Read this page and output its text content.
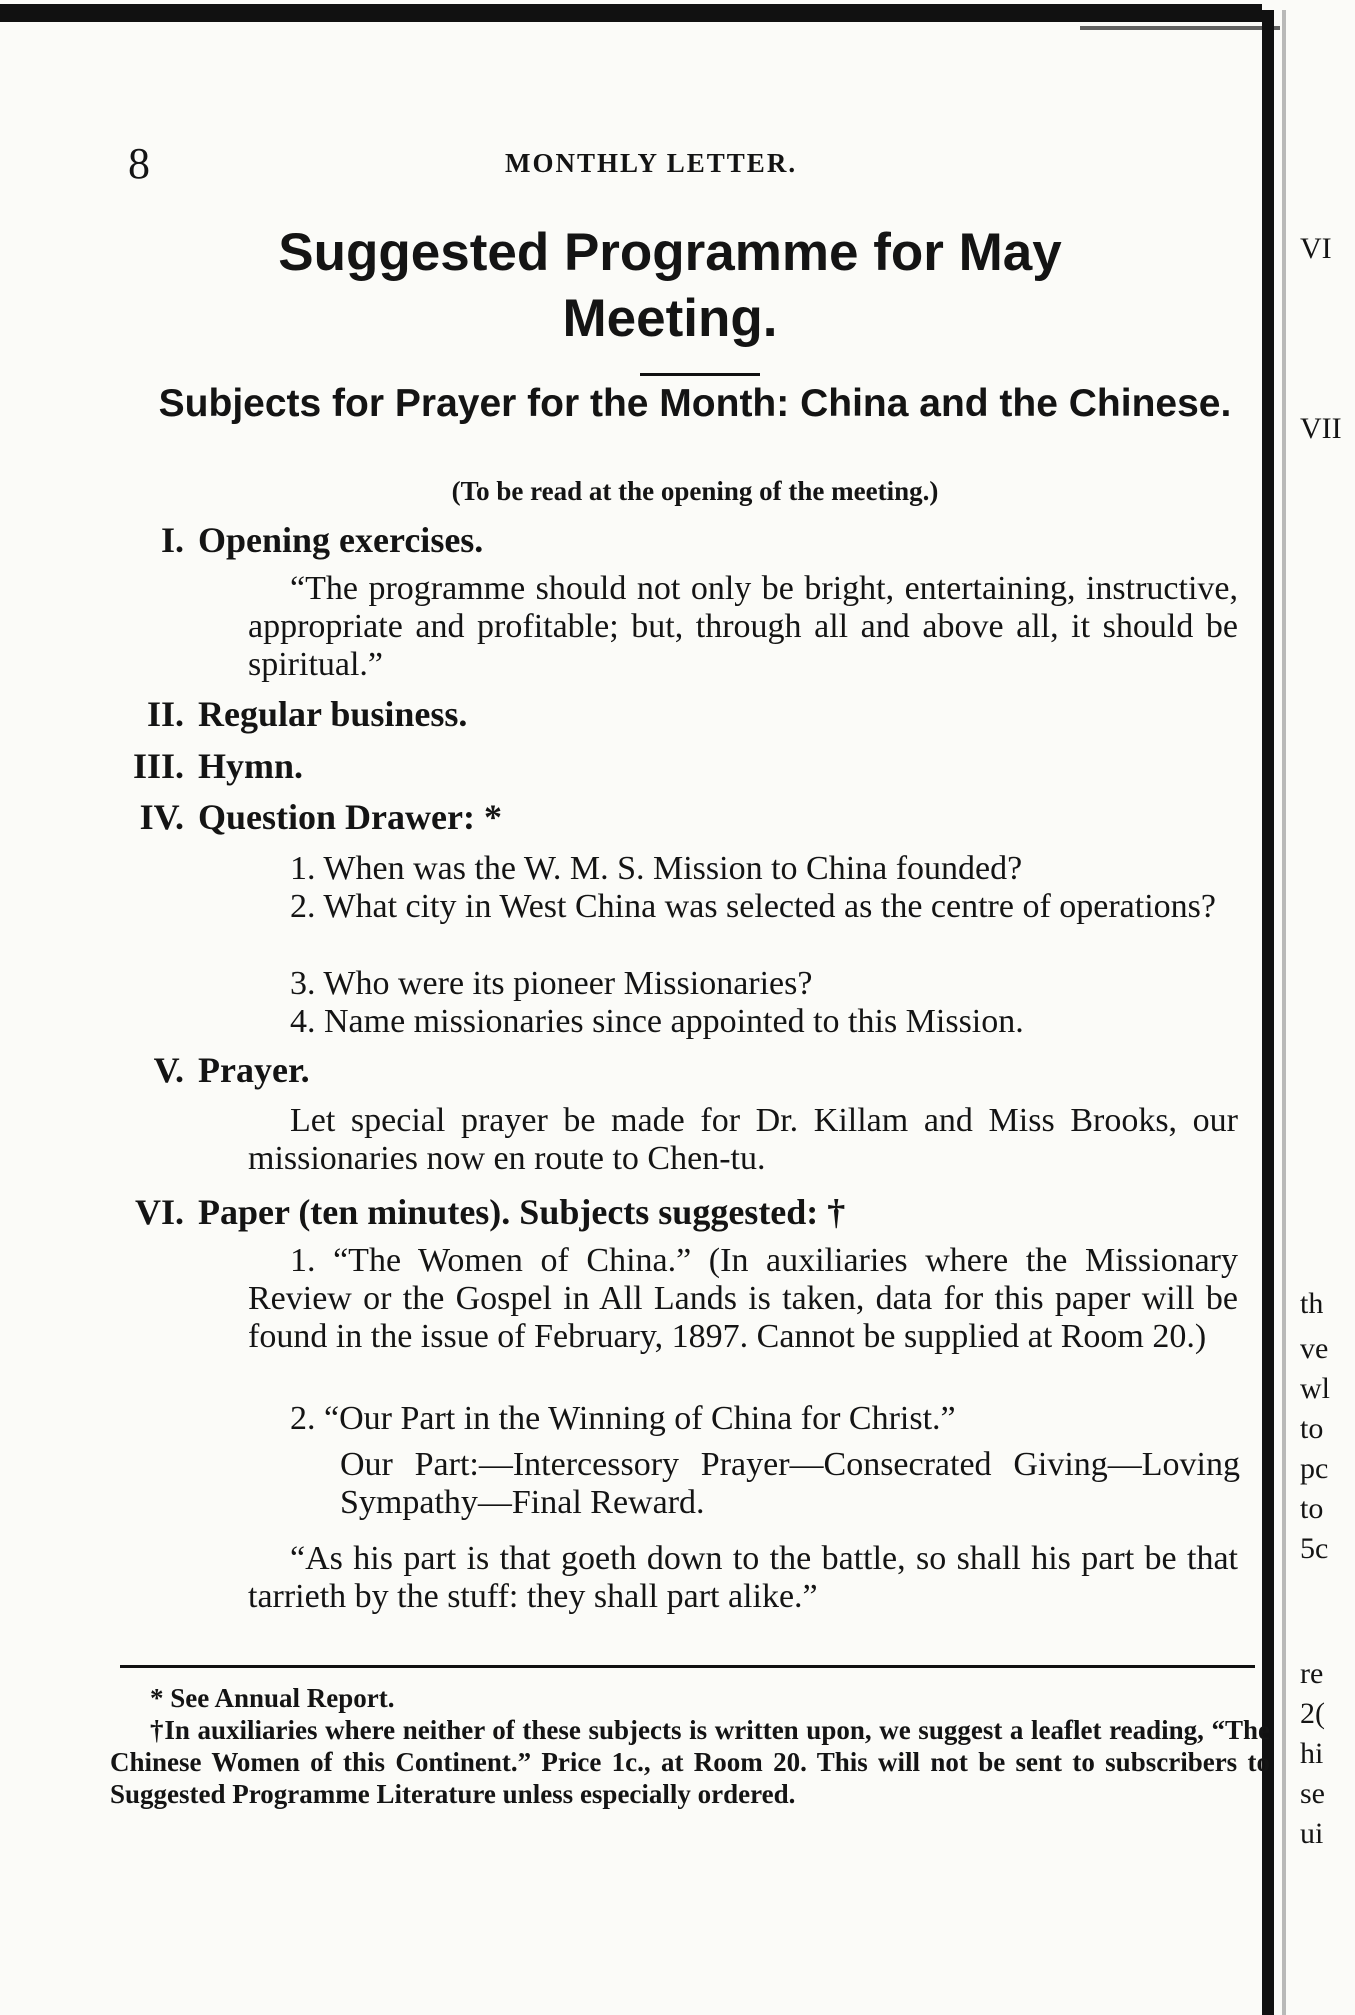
8	MONTHLY LETTER.
Suggested Programme for May Meeting.
Subjects for Prayer for the Month: China and the Chinese.
(To be read at the opening of the meeting.)
I. Opening exercises.
“The programme should not only be bright, entertaining, instructive, appropriate and profitable; but, through all and above all, it should be spiritual.”
II. Regular business.
III. Hymn.
IV. Question Drawer: *
1. When was the W. M. S. Mission to China founded?
2. What city in West China was selected as the centre of operations?
3. Who were its pioneer Missionaries?
4. Name missionaries since appointed to this Mission.
V. Prayer.
Let special prayer be made for Dr. Killam and Miss Brooks, our missionaries now en route to Chen-tu.
VI. Paper (ten minutes). Subjects suggested: †
1. “The Women of China.” (In auxiliaries where the Missionary Review or the Gospel in All Lands is taken, data for this paper will be found in the issue of February, 1897. Cannot be supplied at Room 20.)
2. “Our Part in the Winning of China for Christ.”
Our Part:—Intercessory Prayer—Consecrated Giving—Loving Sympathy—Final Reward.
“As his part is that goeth down to the battle, so shall his part be that tarrieth by the stuff: they shall part alike.”
* See Annual Report.
†In auxiliaries where neither of these subjects is written upon, we suggest a leaflet reading, “The Chinese Women of this Continent.” Price 1c., at Room 20. This will not be sent to subscribers to Suggested Programme Literature unless especially ordered.
VI
VII
th
ve
wl
to
pc
to
5c
re
2(
hi
se
ui
